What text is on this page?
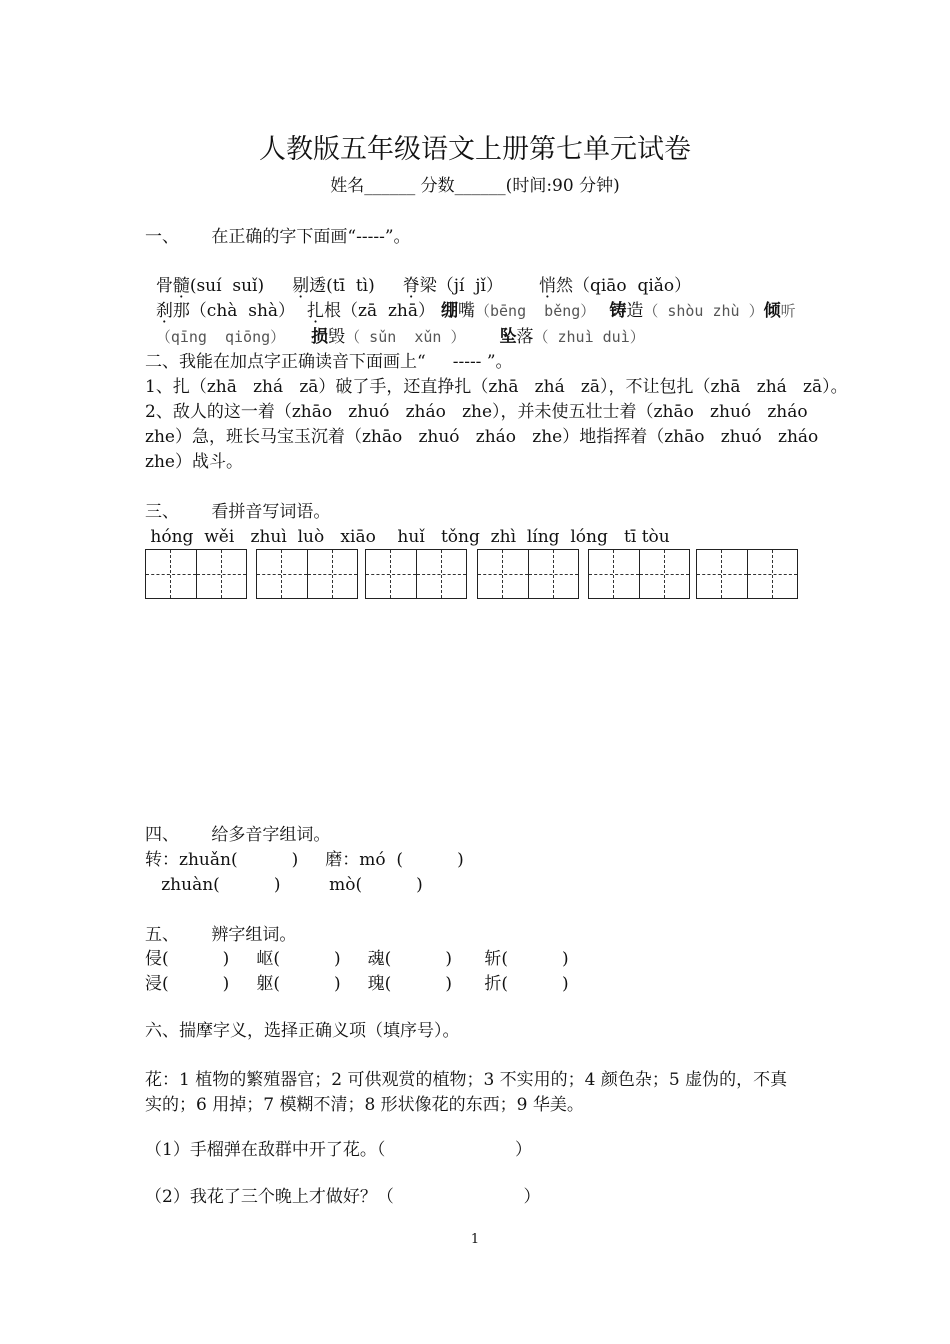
人教版五年级语文上册第七单元试卷
姓名______ 分数______(时间:90 分钟)
一、      在正确的字下面画“-----”。

骨髓(suí  suǐ) 剔透(tī  tì) 脊梁（jí  jǐ） 悄然（qiāo  qiǎo）

刹那（chà  shà） 扎根（zā  zhā） 绷嘴（bēng  běng） 铸造（ shòu zhù ）倾听

（qīng  qiōng） 损毁（ sǔn  xǔn ） 坠落（ zhuì duì）

二、我能在加点字正确读音下面画上“     ----- ”。
1、扎（zhā   zhá   zā）破了手，还直挣扎（zhā   zhá   zā），不让包扎（zhā   zhá   zā）。
2、敌人的这一着（zhāo   zhuó   zháo   zhe），并未使五壮士着（zhāo   zhuó   zháo
zhe）急，班长马宝玉沉着（zhāo   zhuó   zháo   zhe）地指挥着（zhāo   zhuó   zháo
zhe）战斗。
三、      看拼音写词语。
hóng  wěi   zhuì  luò   xiāo    huǐ   tǒng  zhì  líng  lóng   tī tòu
四、      给多音字组词。
转：zhuǎn(          )     磨：mó  (          )
zhuàn(          )         mò(          )
五、      辨字组词。
侵(          )     岖(          )     魂(          )      斩(          )
浸(          )     躯(          )     瑰(          )      折(          )
六、揣摩字义，选择正确义项（填序号）。
花：1 植物的繁殖器官；2 可供观赏的植物；3 不实用的；4 颜色杂；5 虚伪的，不真
实的；6 用掉；7 模糊不清；8 形状像花的东西；9 华美。
（1）手榴弹在敌群中开了花。（                        ）
（2）我花了三个晚上才做好？（                        ）
1
